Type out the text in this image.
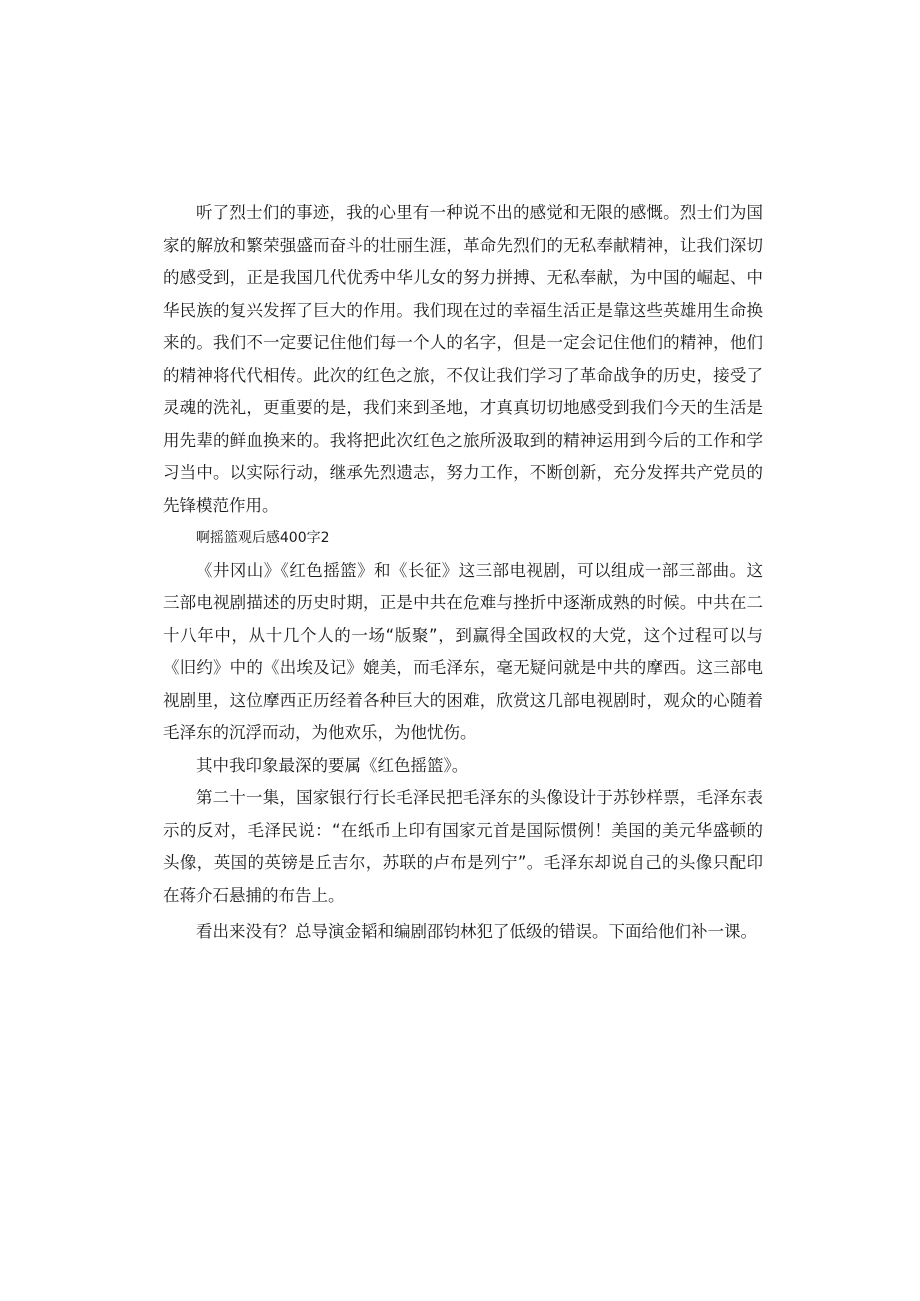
听了烈士们的事迹，我的心里有一种说不出的感觉和无限的感慨。烈士们为国家的解放和繁荣强盛而奋斗的壮丽生涯，革命先烈们的无私奉献精神，让我们深切的感受到，正是我国几代优秀中华儿女的努力拼搏、无私奉献，为中国的崛起、中华民族的复兴发挥了巨大的作用。我们现在过的幸福生活正是靠这些英雄用生命换来的。我们不一定要记住他们每一个人的名字，但是一定会记住他们的精神，他们的精神将代代相传。此次的红色之旅，不仅让我们学习了革命战争的历史，接受了灵魂的洗礼，更重要的是，我们来到圣地，才真真切切地感受到我们今天的生活是用先辈的鲜血换来的。我将把此次红色之旅所汲取到的精神运用到今后的工作和学习当中。以实际行动，继承先烈遗志，努力工作，不断创新，充分发挥共产党员的先锋模范作用。

啊摇篮观后感400字2

《井冈山》《红色摇篮》和《长征》这三部电视剧，可以组成一部三部曲。这三部电视剧描述的历史时期，正是中共在危难与挫折中逐渐成熟的时候。中共在二十八年中，从十几个人的一场“版聚”，到赢得全国政权的大党，这个过程可以与《旧约》中的《出埃及记》媲美，而毛泽东，毫无疑问就是中共的摩西。这三部电视剧里，这位摩西正历经着各种巨大的困难，欣赏这几部电视剧时，观众的心随着毛泽东的沉浮而动，为他欢乐，为他忧伤。

其中我印象最深的要属《红色摇篮》。

第二十一集，国家银行行长毛泽民把毛泽东的头像设计于苏钞样票，毛泽东表示的反对，毛泽民说：“在纸币上印有国家元首是国际惯例！美国的美元华盛顿的头像，英国的英镑是丘吉尔，苏联的卢布是列宁”。毛泽东却说自己的头像只配印在蒋介石悬捕的布告上。

看出来没有？总导演金韬和编剧邵钧林犯了低级的错误。下面给他们补一课。
